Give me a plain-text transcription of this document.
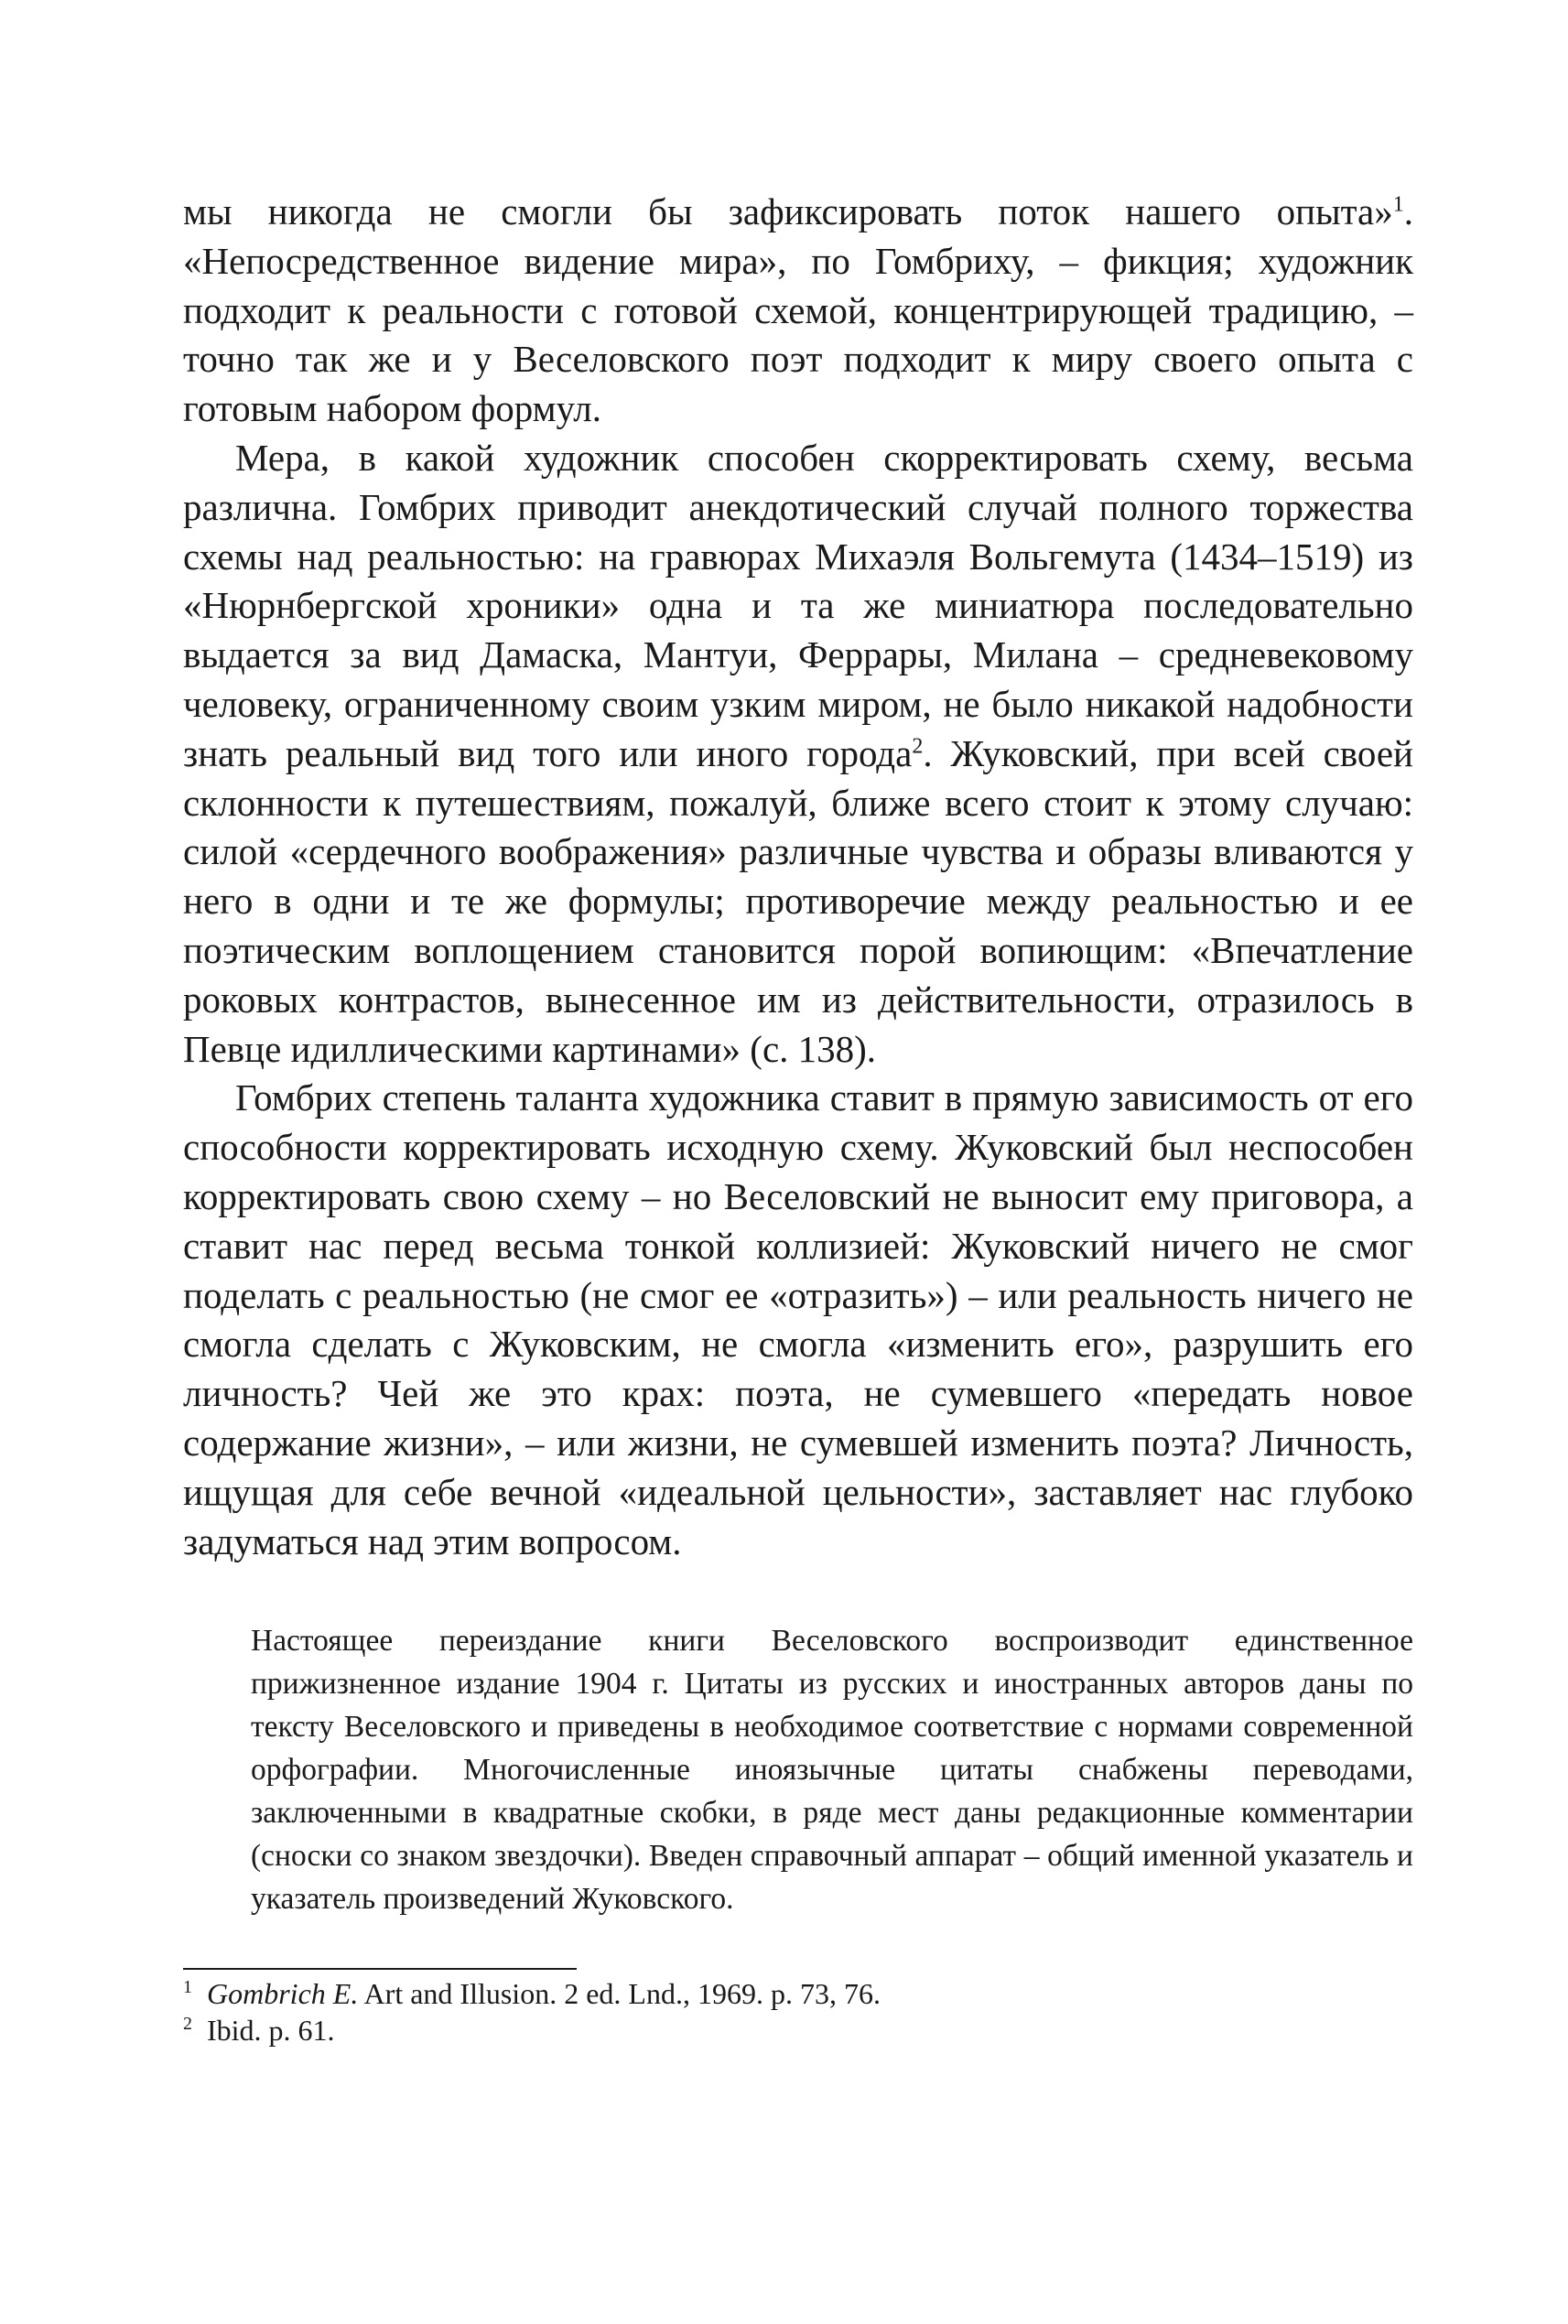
мы никогда не смогли бы зафиксировать поток нашего опыта»$^1$. «Непосредственное видение мира», по Гомбриху, – фикция; художник подходит к реальности с готовой схемой, концентрирующей традицию, – точно так же и у Веселовского поэт подходит к миру своего опыта с готовым набором формул.

Мера, в какой художник способен скорректировать схему, весьма различна. Гомбрих приводит анекдотический случай полного торжества схемы над реальностью: на гравюрах Михаэля Вольгемута (1434–1519) из «Нюрнбергской хроники» одна и та же миниатюра последовательно выдается за вид Дамаска, Мантуи, Феррары, Милана – средневековому человеку, ограниченному своим узким миром, не было никакой надобности знать реальный вид того или иного города$^2$. Жуковский, при всей своей склонности к путешествиям, пожалуй, ближе всего стоит к этому случаю: силой «сердечного воображения» различные чувства и образы вливаются у него в одни и те же формулы; противоречие между реальностью и ее поэтическим воплощением становится порой вопиющим: «Впечатление роковых контрастов, вынесенное им из действительности, отразилось в Певце идиллическими картинами» (с. 138).

Гомбрих степень таланта художника ставит в прямую зависимость от его способности корректировать исходную схему. Жуковский был неспособен корректировать свою схему – но Веселовский не выносит ему приговора, а ставит нас перед весьма тонкой коллизией: Жуковский ничего не смог поделать с реальностью (не смог ее «отразить») – или реальность ничего не смогла сделать с Жуковским, не смогла «изменить его», разрушить его личность? Чей же это крах: поэта, не сумевшего «передать новое содержание жизни», – или жизни, не сумевшей изменить поэта? Личность, ищущая для себе вечной «идеальной цельности», заставляет нас глубоко задуматься над этим вопросом.

Настоящее переиздание книги Веселовского воспроизводит единственное прижизненное издание 1904 г. Цитаты из русских и иностранных авторов даны по тексту Веселовского и приведены в необходимое соответствие с нормами современной орфографии. Многочисленные иноязычные цитаты снабжены переводами, заключенными в квадратные скобки, в ряде мест даны редакционные комментарии (сноски со знаком звездочки). Введен справочный аппарат – общий именной указатель и указатель произведений Жуковского.

1 Gombrich E. Art and Illusion. 2 ed. Lnd., 1969. p. 73, 76.
2 Ibid. p. 61.
